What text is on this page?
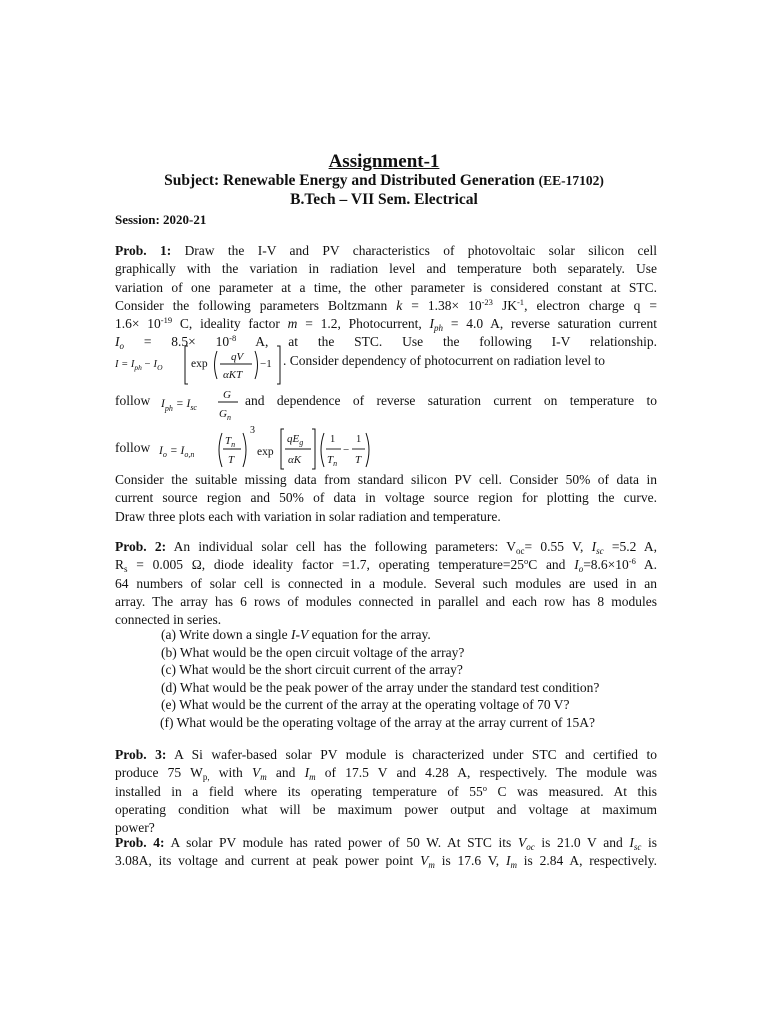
Assignment-1
Subject: Renewable Energy and Distributed Generation (EE-17102)
B.Tech – VII Sem. Electrical
Session: 2020-21
Prob. 1: Draw the I-V and PV characteristics of photovoltaic solar silicon cell
graphically with the variation in radiation level and temperature both separately. Use
variation of one parameter at a time, the other parameter is considered constant at STC.
Consider the following parameters Boltzmann $k = 1.38\times 10^{-23}$ $JK^{-1}$, electron charge q =
$1.6\times 10^{-19}$ C, ideality factor m = 1.2, Photocurrent, $I_{ph} = 4.0$ A, reverse saturation current
$I_o = 8.5\times 10^{-8}$ A, at the STC. Use the following I-V relationship.
$I = I_{ph} - I_O$ exp
qV
αKT
−1 . Consider dependency of photocurrent on radiation level to
follow $I_{ph} = I_{sc}$
G
$G_n$
and dependence of reverse saturation current on temperature to
follow $I_o = I_{o,n}$
$T_n$
T
3
exp
$qE_g$
αK
1
$T_n$
−
1
T
Consider the suitable missing data from standard silicon PV cell. Consider 50% of data in
current source region and 50% of data in voltage source region for plotting the curve.
Draw three plots each with variation in solar radiation and temperature.
Prob. 2: An individual solar cell has the following parameters: $V_{oc}= 0.55$ V, $I_{sc} =5.2$ A,
$R_s = 0.005$ Ω, diode ideality factor =1.7, operating $temperature=25^oC$ and $I_o=8.6\times 10^{-6}$ A.
64 numbers of solar cell is connected in a module. Several such modules are used in an
array. The array has 6 rows of modules connected in parallel and each row has 8 modules
connected in series.
(a) Write down a single I-V equation for the array.
(b) What would be the open circuit voltage of the array?
(c) What would be the short circuit current of the array?
(d) What would be the peak power of the array under the standard test condition?
(e) What would be the current of the array at the operating voltage of 70 V?
(f) What would be the operating voltage of the array at the array current of 15A?
Prob. 3: A Si wafer-based solar PV module is characterized under STC and certified to
produce 75 $W_{p,}$ with $V_m$ and $I_m$ of 17.5 V and 4.28 A, respectively. The module was
installed in a field where its operating temperature of 55$^o$ C was measured. At this
operating condition what will be maximum power output and voltage at maximum
power?
Prob. 4: A solar PV module has rated power of 50 W. At STC its $V_{oc}$ is 21.0 V and $I_{sc}$ is
3.08A, its voltage and current at peak power point $V_m$ is 17.6 V, $I_m$ is 2.84 A, respectively.
